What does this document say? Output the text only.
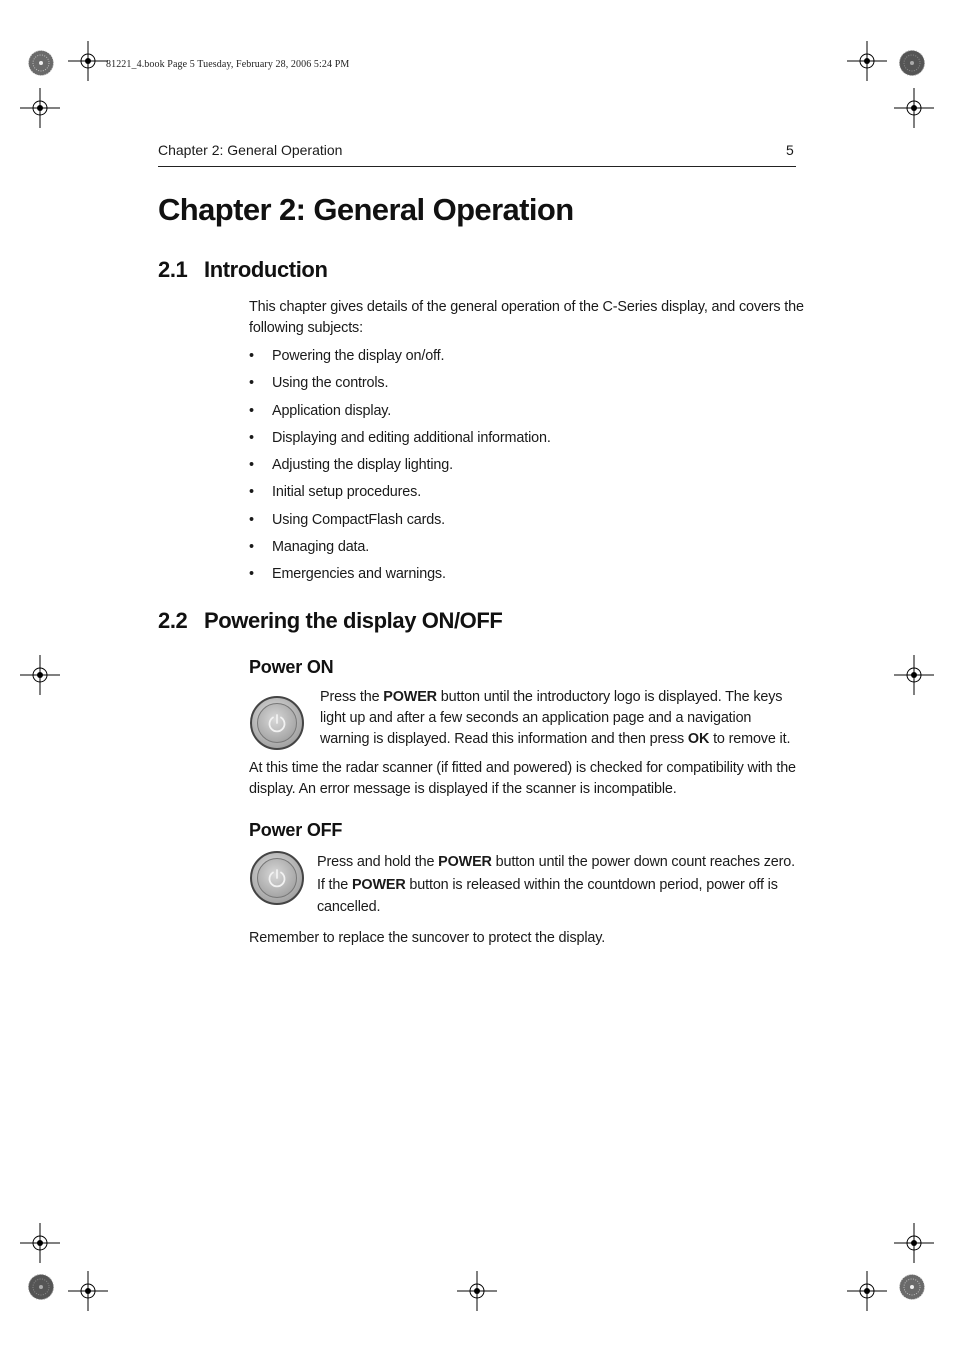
81221_4.book Page 5 Tuesday, February 28, 2006 5:24 PM
Chapter 2: General Operation	5
Chapter 2: General Operation
2.1 Introduction
This chapter gives details of the general operation of the C-Series display, and covers the following subjects:
• Powering the display on/off.
• Using the controls.
• Application display.
• Displaying and editing additional information.
• Adjusting the display lighting.
• Initial setup procedures.
• Using CompactFlash cards.
• Managing data.
• Emergencies and warnings.
2.2 Powering the display ON/OFF
Power ON
Press the POWER button until the introductory logo is displayed. The keys light up and after a few seconds an application page and a navigation warning is displayed. Read this information and then press OK to remove it.
At this time the radar scanner (if fitted and powered) is checked for compatibility with the display. An error message is displayed if the scanner is incompatible.
Power OFF
Press and hold the POWER button until the power down count reaches zero. If the POWER button is released within the countdown period, power off is cancelled.
Remember to replace the suncover to protect the display.
